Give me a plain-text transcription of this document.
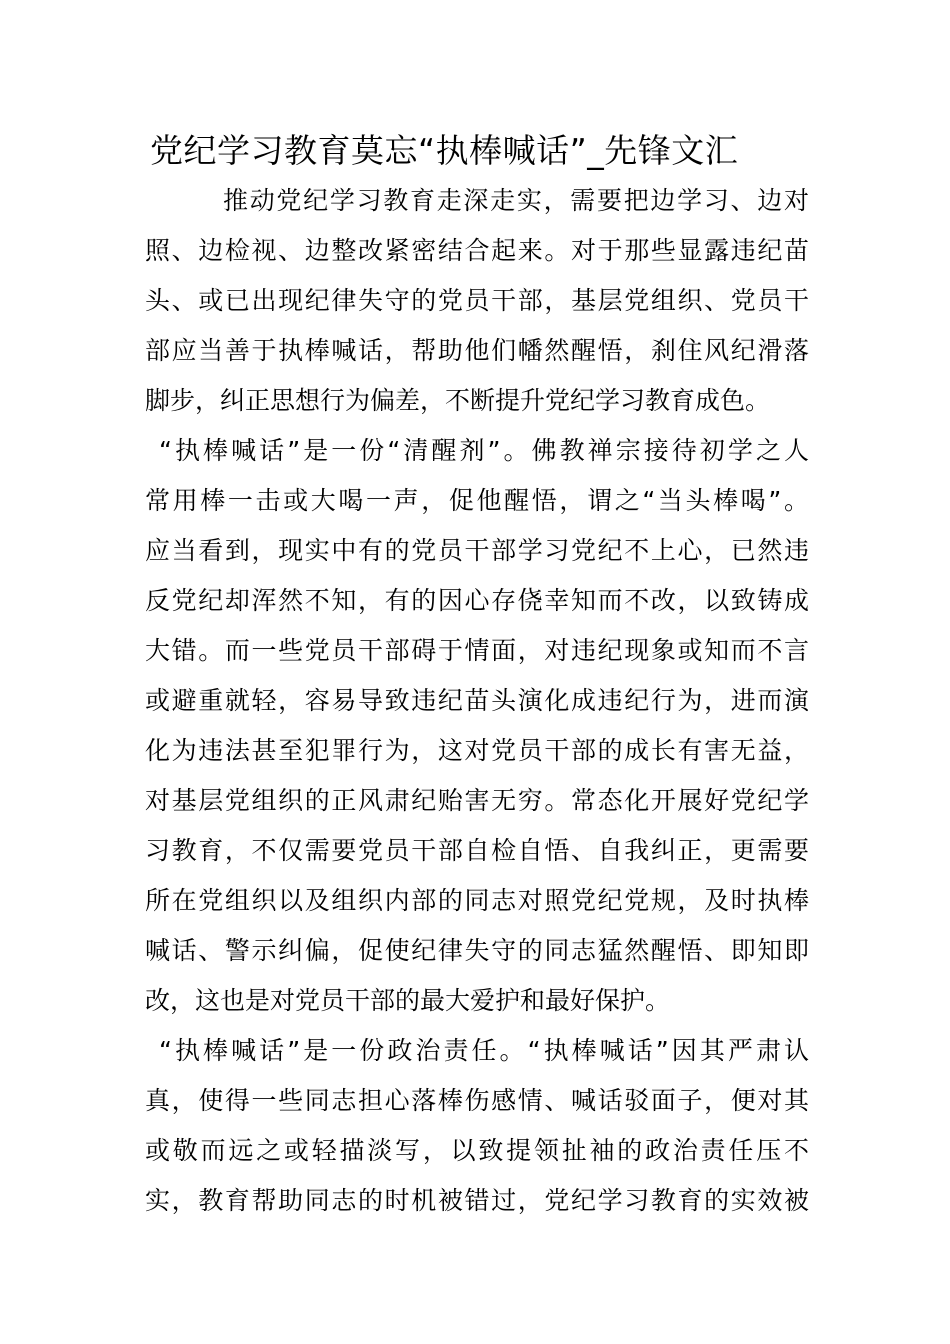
党纪学习教育莫忘“执棒喊话”_先锋文汇
推动党纪学习教育走深走实，需要把边学习、边对
照、边检视、边整改紧密结合起来。对于那些显露违纪苗
头、或已出现纪律失守的党员干部，基层党组织、党员干
部应当善于执棒喊话，帮助他们幡然醒悟，刹住风纪滑落
脚步，纠正思想行为偏差，不断提升党纪学习教育成色。
“执棒喊话”是一份“清醒剂”。佛教禅宗接待初学之人
常用棒一击或大喝一声，促他醒悟，谓之“当头棒喝”。
应当看到，现实中有的党员干部学习党纪不上心，已然违
反党纪却浑然不知，有的因心存侥幸知而不改，以致铸成
大错。而一些党员干部碍于情面，对违纪现象或知而不言
或避重就轻，容易导致违纪苗头演化成违纪行为，进而演
化为违法甚至犯罪行为，这对党员干部的成长有害无益，
对基层党组织的正风肃纪贻害无穷。常态化开展好党纪学
习教育，不仅需要党员干部自检自悟、自我纠正，更需要
所在党组织以及组织内部的同志对照党纪党规，及时执棒
喊话、警示纠偏，促使纪律失守的同志猛然醒悟、即知即
改，这也是对党员干部的最大爱护和最好保护。
“执棒喊话”是一份政治责任。“执棒喊话”因其严肃认
真，使得一些同志担心落棒伤感情、喊话驳面子，便对其
或敬而远之或轻描淡写，以致提领扯袖的政治责任压不
实，教育帮助同志的时机被错过，党纪学习教育的实效被
